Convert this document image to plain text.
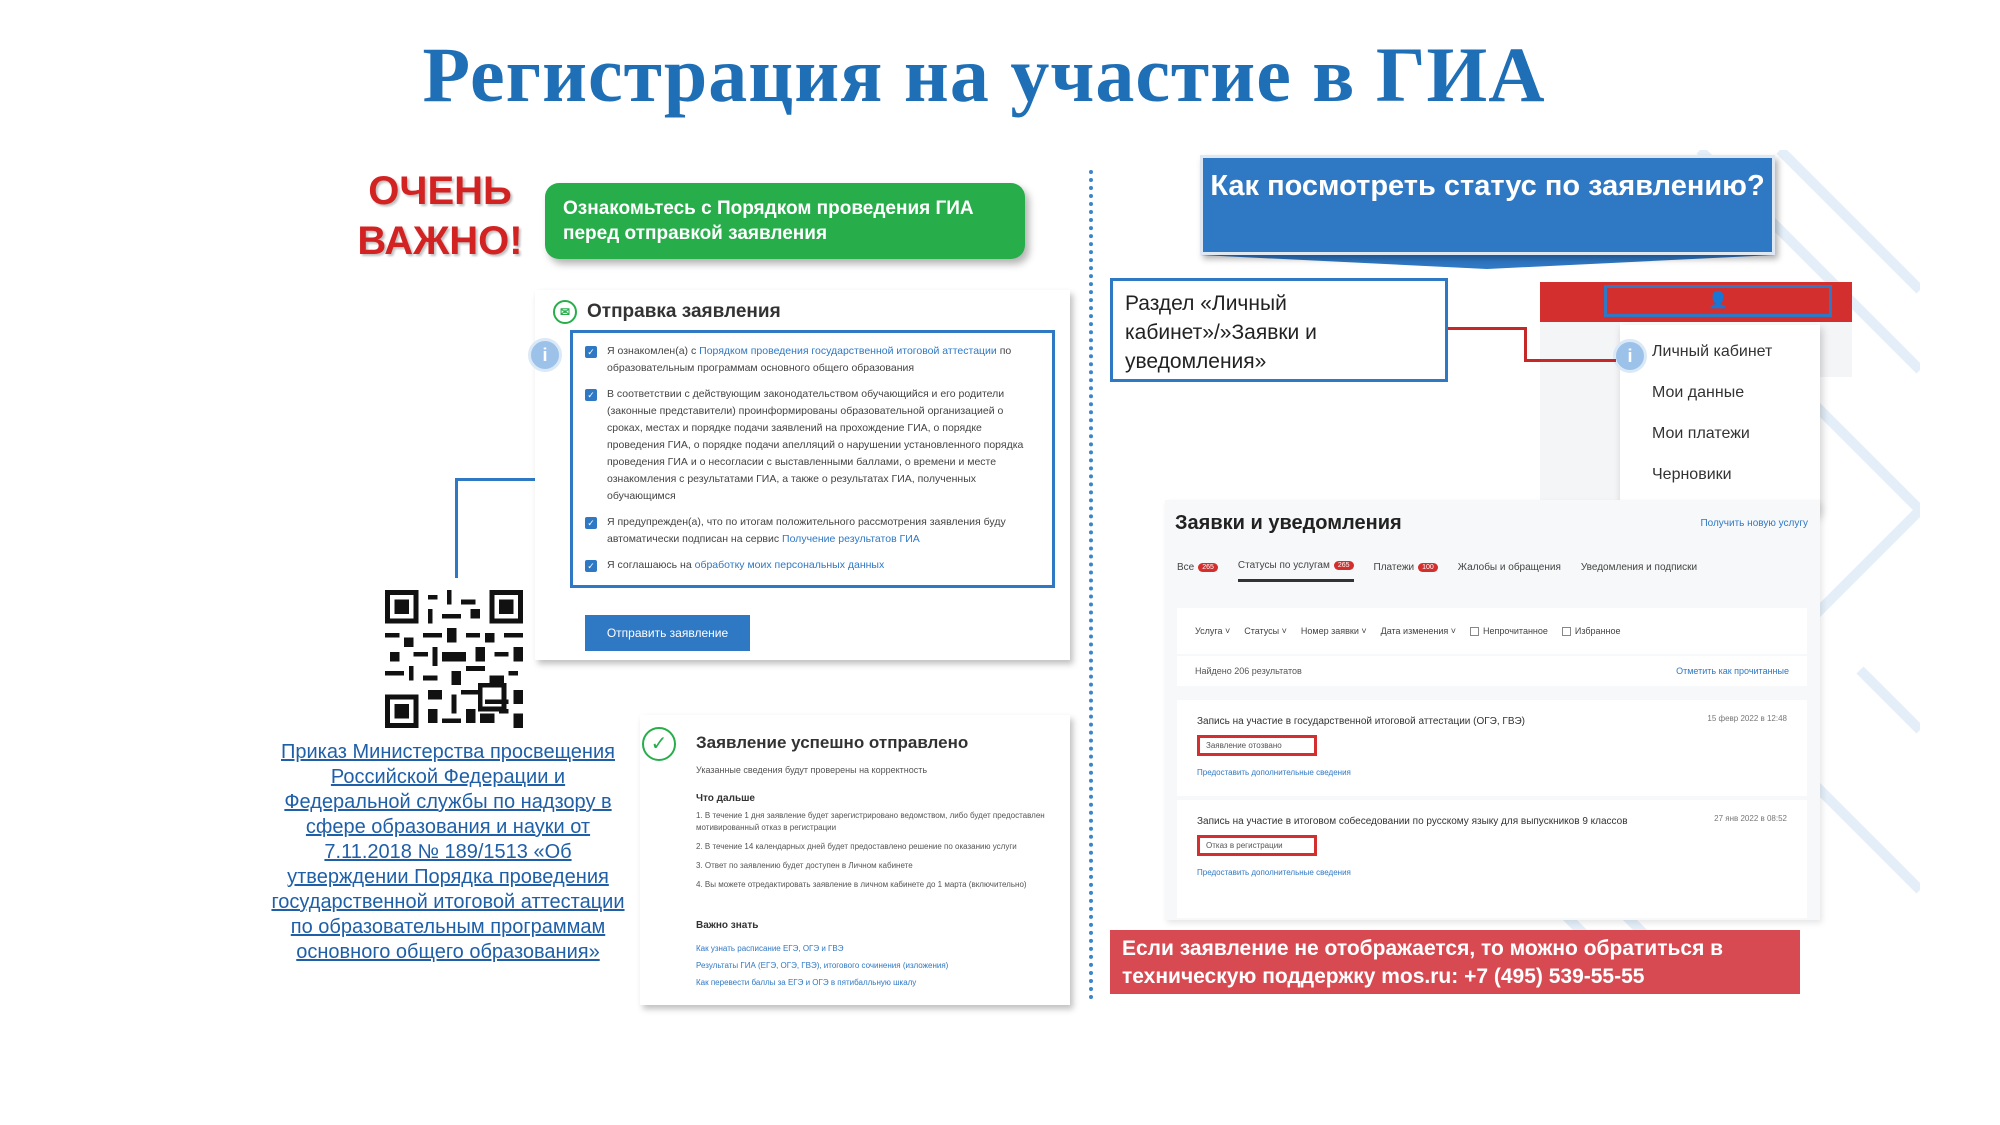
Регистрация на участие в ГИА
ОЧЕНЬ
ВАЖНО!
Ознакомьтесь с Порядком проведения ГИА перед отправкой заявления
✉ Отправка заявления
✓ Я ознакомлен(а) с Порядком проведения государственной итоговой аттестации по образовательным программам основного общего образования
✓ В соответствии с действующим законодательством обучающийся и его родители (законные представители) проинформированы образовательной организацией о сроках, местах и порядке подачи заявлений на прохождение ГИА, о порядке проведения ГИА, о порядке подачи апелляций о нарушении установленного порядка проведения ГИА и о несогласии с выставленными баллами, о времени и месте ознакомления с результатами ГИА, а также о результатах ГИА, полученных обучающимся
✓ Я предупрежден(а), что по итогам положительного рассмотрения заявления буду автоматически подписан на сервис Получение результатов ГИА
✓ Я соглашаюсь на обработку моих персональных данных
Отправить заявление
i
Приказ Министерства просвещения Российской Федерации и Федеральной службы по надзору в сфере образования и науки от 7.11.2018 № 189/1513 «Об утверждении Порядка проведения государственной итоговой аттестации по образовательным программам основного общего образования»
✓	Заявление успешно отправлено
Указанные сведения будут проверены на корректность
Что дальше
1. В течение 1 дня заявление будет зарегистрировано ведомством, либо будет предоставлен мотивированный отказ в регистрации
2. В течение 14 календарных дней будет предоставлено решение по оказанию услуги
3. Ответ по заявлению будет доступен в Личном кабинете
4. Вы можете отредактировать заявление в личном кабинете до 1 марта (включительно)
Важно знать
Как узнать расписание ЕГЭ, ОГЭ и ГВЭ
Результаты ГИА (ЕГЭ, ОГЭ, ГВЭ), итогового сочинения (изложения)
Как перевести баллы за ЕГЭ и ОГЭ в пятибалльную шкалу
Как посмотреть статус по заявлению?
👤
Личный кабинет
Мои данные
Мои платежи
Черновики
i
Раздел «Личный кабинет»/»Заявки и уведомления»
Заявки и уведомления	Получить новую услугу
Все	265	Статусы по услугам	265	Платежи	100	Жалобы и обращения Уведомления и подписки
Услуга ˅ Статусы ˅ Номер заявки ˅ Дата изменения ˅	Непрочитанное	Избранное
Найдено 206 результатов	Отметить как прочитанные
Запись на участие в государственной итоговой аттестации (ОГЭ, ГВЭ)	15 февр 2022 в 12:48
Заявление отозвано
Предоставить дополнительные сведения
Запись на участие в итоговом собеседовании по русскому языку для выпускников 9 классов	27 янв 2022 в 08:52
Отказ в регистрации
Предоставить дополнительные сведения
Если заявление не отображается, то можно обратиться в техническую поддержку mos.ru: +7 (495) 539-55-55
